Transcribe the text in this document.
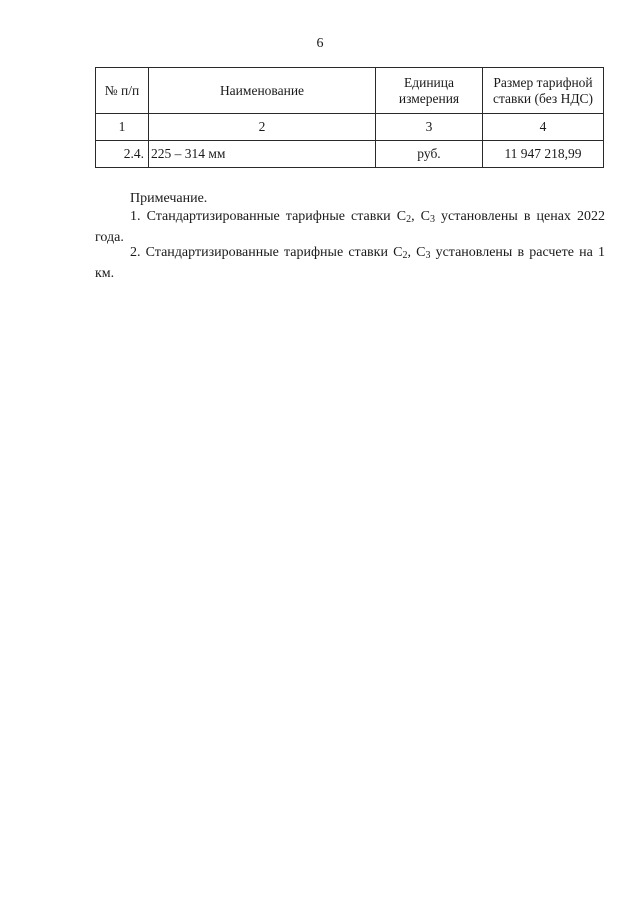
6
№ п/п	Наименование	Единица измерения	Размер тарифной ставки (без НДС)
1	2	3	4
2.4.	225 – 314 мм	руб.	11 947 218,99
Примечание.
1. Стандартизированные тарифные ставки $С_2$, $С_3$ установлены в ценах 2022 года.
2. Стандартизированные тарифные ставки $С_2$, $С_3$ установлены в расчете на 1 км.
